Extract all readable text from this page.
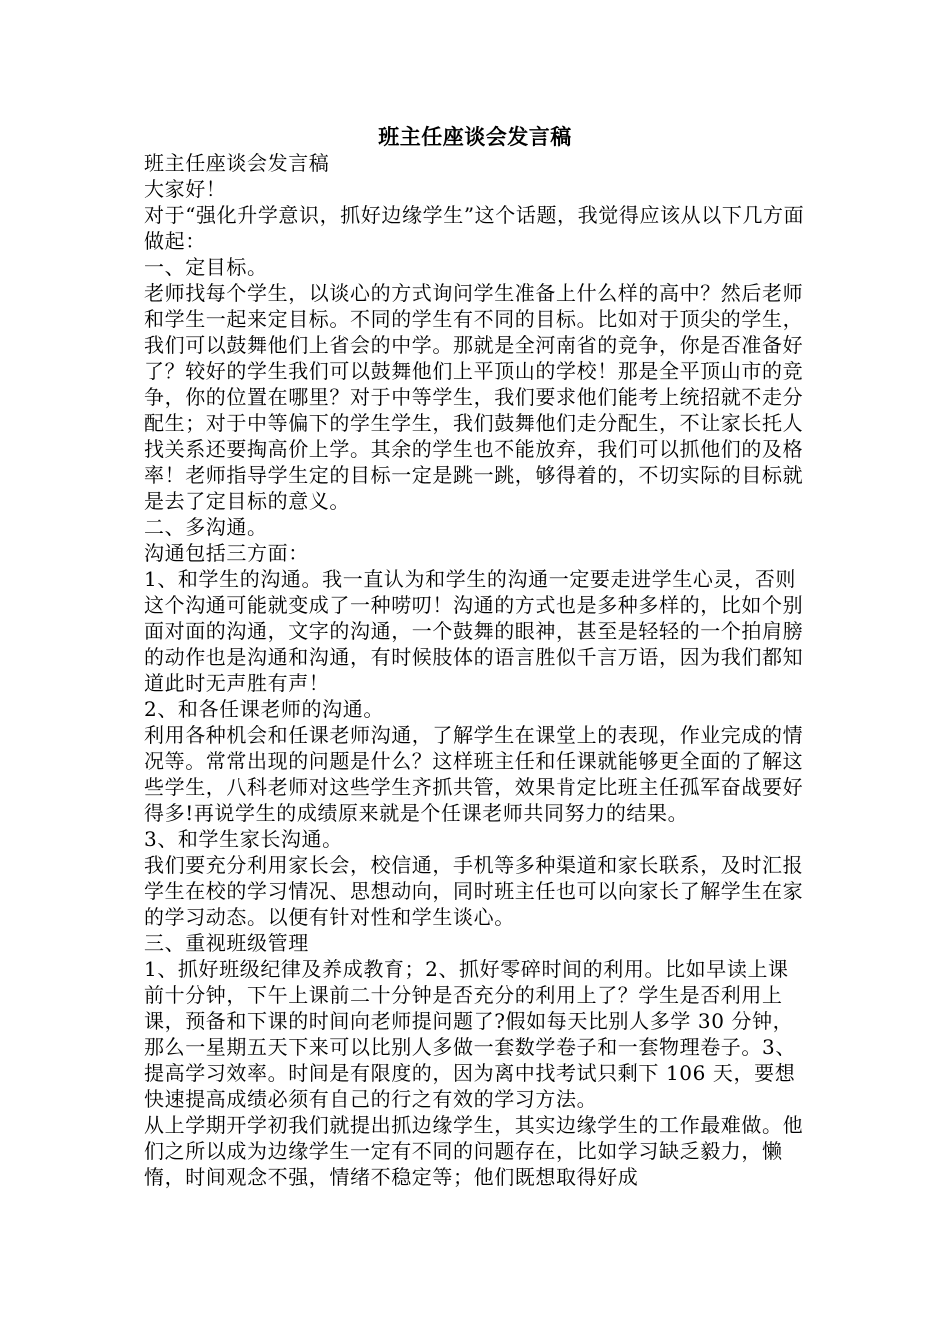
班主任座谈会发言稿

班主任座谈会发言稿

大家好！

对于“强化升学意识，抓好边缘学生”这个话题，我觉得应该从以下几方面做起：

一、定目标。

老师找每个学生，以谈心的方式询问学生准备上什么样的高中？然后老师和学生一起来定目标。不同的学生有不同的目标。比如对于顶尖的学生，我们可以鼓舞他们上省会的中学。那就是全河南省的竞争，你是否准备好了？较好的学生我们可以鼓舞他们上平顶山的学校！那是全平顶山市的竞争，你的位置在哪里？对于中等学生，我们要求他们能考上统招就不走分配生；对于中等偏下的学生学生，我们鼓舞他们走分配生，不让家长托人找关系还要掏高价上学。其余的学生也不能放弃，我们可以抓他们的及格率！老师指导学生定的目标一定是跳一跳，够得着的，不切实际的目标就是去了定目标的意义。

二、多沟通。

沟通包括三方面：

1、和学生的沟通。我一直认为和学生的沟通一定要走进学生心灵，否则这个沟通可能就变成了一种唠叨！沟通的方式也是多种多样的，比如个别面对面的沟通，文字的沟通，一个鼓舞的眼神，甚至是轻轻的一个拍肩膀的动作也是沟通和沟通，有时候肢体的语言胜似千言万语，因为我们都知道此时无声胜有声！

2、和各任课老师的沟通。

利用各种机会和任课老师沟通，了解学生在课堂上的表现，作业完成的情况等。常常出现的问题是什么？这样班主任和任课就能够更全面的了解这些学生，八科老师对这些学生齐抓共管，效果肯定比班主任孤军奋战要好得多!再说学生的成绩原来就是个任课老师共同努力的结果。

3、和学生家长沟通。

我们要充分利用家长会，校信通，手机等多种渠道和家长联系，及时汇报学生在校的学习情况、思想动向，同时班主任也可以向家长了解学生在家的学习动态。以便有针对性和学生谈心。

三、重视班级管理

1、抓好班级纪律及养成教育；2、抓好零碎时间的利用。比如早读上课前十分钟，下午上课前二十分钟是否充分的利用上了？学生是否利用上课，预备和下课的时间向老师提问题了?假如每天比别人多学 30 分钟，那么一星期五天下来可以比别人多做一套数学卷子和一套物理卷子。3、提高学习效率。时间是有限度的，因为离中找考试只剩下 106 天，要想快速提高成绩必须有自己的行之有效的学习方法。

从上学期开学初我们就提出抓边缘学生，其实边缘学生的工作最难做。他们之所以成为边缘学生一定有不同的问题存在，比如学习缺乏毅力，懒惰，时间观念不强，情绪不稳定等；他们既想取得好成
